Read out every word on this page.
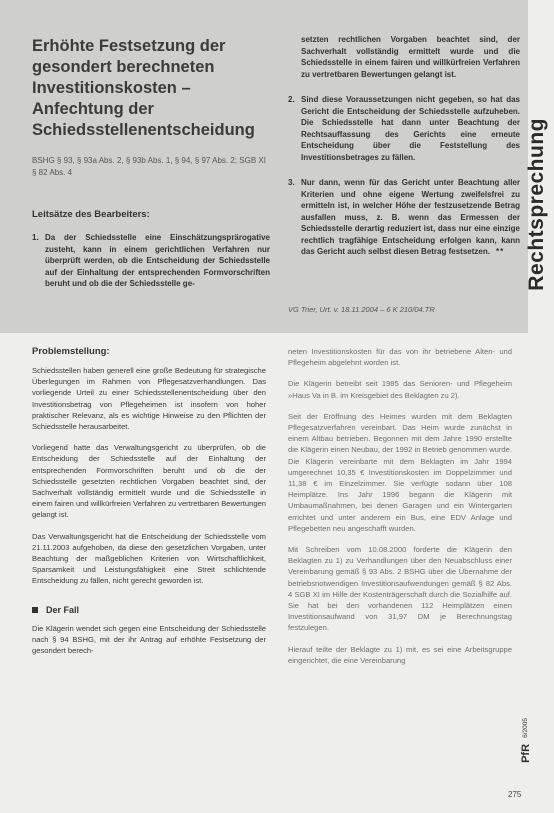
Erhöhte Festsetzung der gesondert berechneten Investitionskosten – Anfechtung der Schiedsstellenentscheidung
BSHG § 93, § 93a Abs. 2, § 93b Abs. 1, § 94, § 97 Abs. 2; SGB XI § 82 Abs. 4
Leitsätze des Bearbeiters:
1. Da der Schiedsstelle eine Einschätzungsprärogative zusteht, kann in einem gerichtlichen Verfahren nur überprüft werden, ob die Entscheidung der Schiedsstelle auf der Einhaltung der entsprechenden Formvorschriften beruht und ob die der Schiedsstelle ge-
setzten rechtlichen Vorgaben beachtet sind, der Sachverhalt vollständig ermittelt wurde und die Schiedsstelle in einem fairen und willkürfreien Verfahren zu vertretbaren Bewertungen gelangt ist.
2. Sind diese Voraussetzungen nicht gegeben, so hat das Gericht die Entscheidung der Schiedsstelle aufzuheben. Die Schiedsstelle hat dann unter Beachtung der Rechtsauffassung des Gerichts eine erneute Entscheidung über die Feststellung des Investitionsbetrages zu fällen.
3. Nur dann, wenn für das Gericht unter Beachtung aller Kriterien und ohne eigene Wertung zweifelsfrei zu ermitteln ist, in welcher Höhe der festzusetzende Betrag ausfallen muss, z. B. wenn das Ermessen der Schiedsstelle derartig reduziert ist, dass nur eine einzige rechtlich tragfähige Entscheidung erfolgen kann, kann das Gericht auch selbst diesen Betrag festsetzen. **
VG Trier, Urt. v. 18.11.2004 – 6 K 210/04.TR
Rechtsprechung
Problemstellung:

Schiedsstellen haben generell eine große Bedeutung für strategische Überlegungen im Rahmen von Pflegesatzverhandlungen. Das vorliegende Urteil zu einer Schiedsstellenentscheidung über den Investitionsbetrag von Pflegeheimen ist insofern von hoher praktischer Relevanz, als es wichtige Hinweise zu den Pflichten der Schiedsstelle herausarbeitet.

Vorliegend hatte das Verwaltungsgericht zu überprüfen, ob die Entscheidung der Schiedsstelle auf der Einhaltung der entsprechenden Formvorschriften beruht und ob die der Schiedsstelle gesetzten rechtlichen Vorgaben beachtet sind, der Sachverhalt vollständig ermittelt wurde und die Schiedsstelle in einem fairen und willkürfreien Verfahren zu vertretbaren Bewertungen gelangt ist.

Das Verwaltungsgericht hat die Entscheidung der Schiedsstelle vom 21.11.2003 aufgehoben, da diese den gesetzlichen Vorgaben, unter Beachtung der maßgeblichen Kriterien von Wirtschaftlichkeit, Sparsamkeit und Leistungsfähigkeit eine Streit schlichtende Entscheidung zu fällen, nicht gerecht geworden ist.

Der Fall

Die Klägerin wendet sich gegen eine Entscheidung der Schiedsstelle nach § 94 BSHG, mit der ihr Antrag auf erhöhte Festsetzung der gesondert berech-

neten Investitionskosten für das von ihr betriebene Alten- und Pflegeheim abgelehnt worden ist.

Die Klägerin betreibt seit 1985 das Senioren- und Pflegeheim »Haus Va in B. im Kreisgebiet des Beklagten zu 2).

Seit der Eröffnung des Heimes wurden mit dem Beklagten Pflegesatzverfahren vereinbart. Das Heim wurde zunächst in einem Altbau betrieben. Begonnen mit dem Jahre 1990 erstellte die Klägerin einen Neubau, der 1992 in Betrieb genommen wurde. Die Klägerin vereinbarte mit dem Beklagten im Jahr 1994 umgerechnet 10,35 € Investitionskosten im Doppelzimmer und 11,38 € im Einzelzimmer. Sie verfügte sodann über 108 Heimplätze. Ins Jahr 1996 begann die Klägerin mit Umbaumaßnahmen, bei denen Garagen und ein Wintergarten errichtet und unter anderem ein Bus, eine EDV Anlage und Pflegebetten neu angeschafft wurden.

Mit Schreiben vom 10.08.2000 forderte die Klägerin den Beklagten zu 1) zu Verhandlungen über den Neuabschluss einer Vereinbarung gemäß § 93 Abs. 2 BSHG über die Übernahme der betriebsnotwendigen Investitionsaufwendungen gemäß § 82 Abs. 4 SGB XI im Hilfe der Kostenträgerschaft durch die Sozialhilfe auf. Sie hat bei den vorhandenen 112 Heimplätzen einen Investitionsaufwand von 31,97 DM je Berechnungstag festzulegen.

Hierauf teilte der Beklagte zu 1) mit, es sei eine Arbeitsgruppe eingerichtet, die eine Vereinbarung

PfR 6/2005
275
